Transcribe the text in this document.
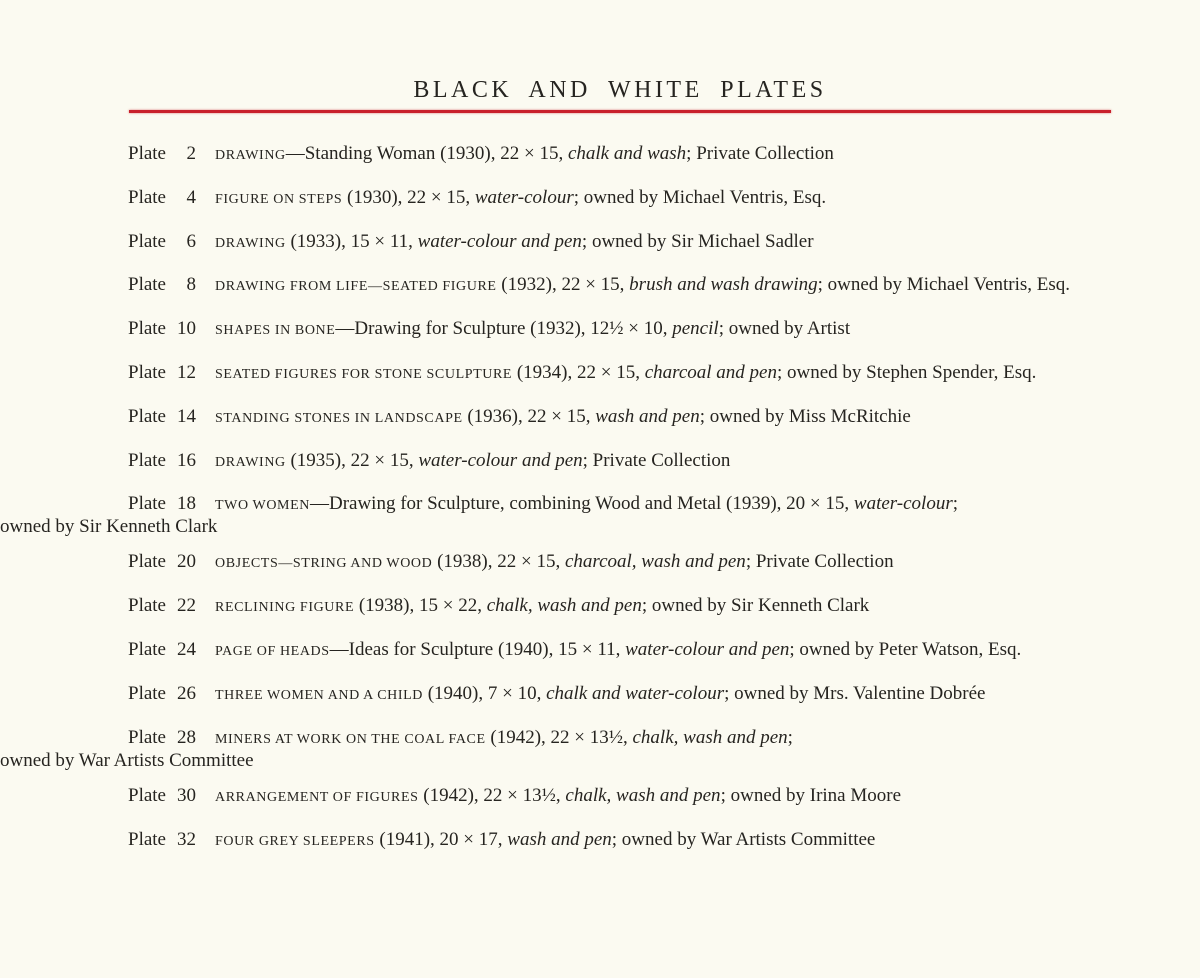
BLACK AND WHITE PLATES
Plate 2 DRAWING—Standing Woman (1930), 22 × 15, chalk and wash; Private Collection
Plate 4 FIGURE ON STEPS (1930), 22 × 15, water-colour; owned by Michael Ventris, Esq.
Plate 6 DRAWING (1933), 15 × 11, water-colour and pen; owned by Sir Michael Sadler
Plate 8 DRAWING FROM LIFE—SEATED FIGURE (1932), 22 × 15, brush and wash drawing; owned by Michael Ventris, Esq.
Plate 10 SHAPES IN BONE—Drawing for Sculpture (1932), 12½ × 10, pencil; owned by Artist
Plate 12 SEATED FIGURES FOR STONE SCULPTURE (1934), 22 × 15, charcoal and pen; owned by Stephen Spender, Esq.
Plate 14 STANDING STONES IN LANDSCAPE (1936), 22 × 15, wash and pen; owned by Miss McRitchie
Plate 16 DRAWING (1935), 22 × 15, water-colour and pen; Private Collection
Plate 18 TWO WOMEN—Drawing for Sculpture, combining Wood and Metal (1939), 20 × 15, water-colour;
owned by Sir Kenneth Clark
Plate 20 OBJECTS—STRING AND WOOD (1938), 22 × 15, charcoal, wash and pen; Private Collection
Plate 22 RECLINING FIGURE (1938), 15 × 22, chalk, wash and pen; owned by Sir Kenneth Clark
Plate 24 PAGE OF HEADS—Ideas for Sculpture (1940), 15 × 11, water-colour and pen; owned by Peter Watson, Esq.
Plate 26 THREE WOMEN AND A CHILD (1940), 7 × 10, chalk and water-colour; owned by Mrs. Valentine Dobrée
Plate 28 MINERS AT WORK ON THE COAL FACE (1942), 22 × 13½, chalk, wash and pen;
owned by War Artists Committee
Plate 30 ARRANGEMENT OF FIGURES (1942), 22 × 13½, chalk, wash and pen; owned by Irina Moore
Plate 32 FOUR GREY SLEEPERS (1941), 20 × 17, wash and pen; owned by War Artists Committee
